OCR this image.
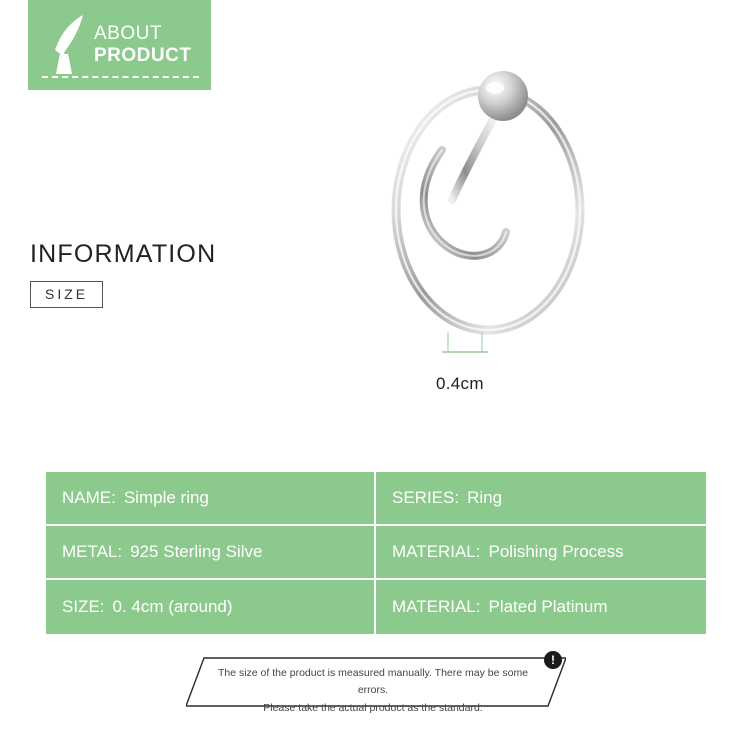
ABOUT
PRODUCT
0.4cm
INFORMATION
SIZE
NAME: Simple ring	SERIES: Ring
METAL: 925 Sterling Silve	MATERIAL: Polishing Process
SIZE: 0. 4cm (around)	MATERIAL: Plated Platinum
!
The size of the product is measured manually. There may be some errors.
Please take the actual product as the standard.
